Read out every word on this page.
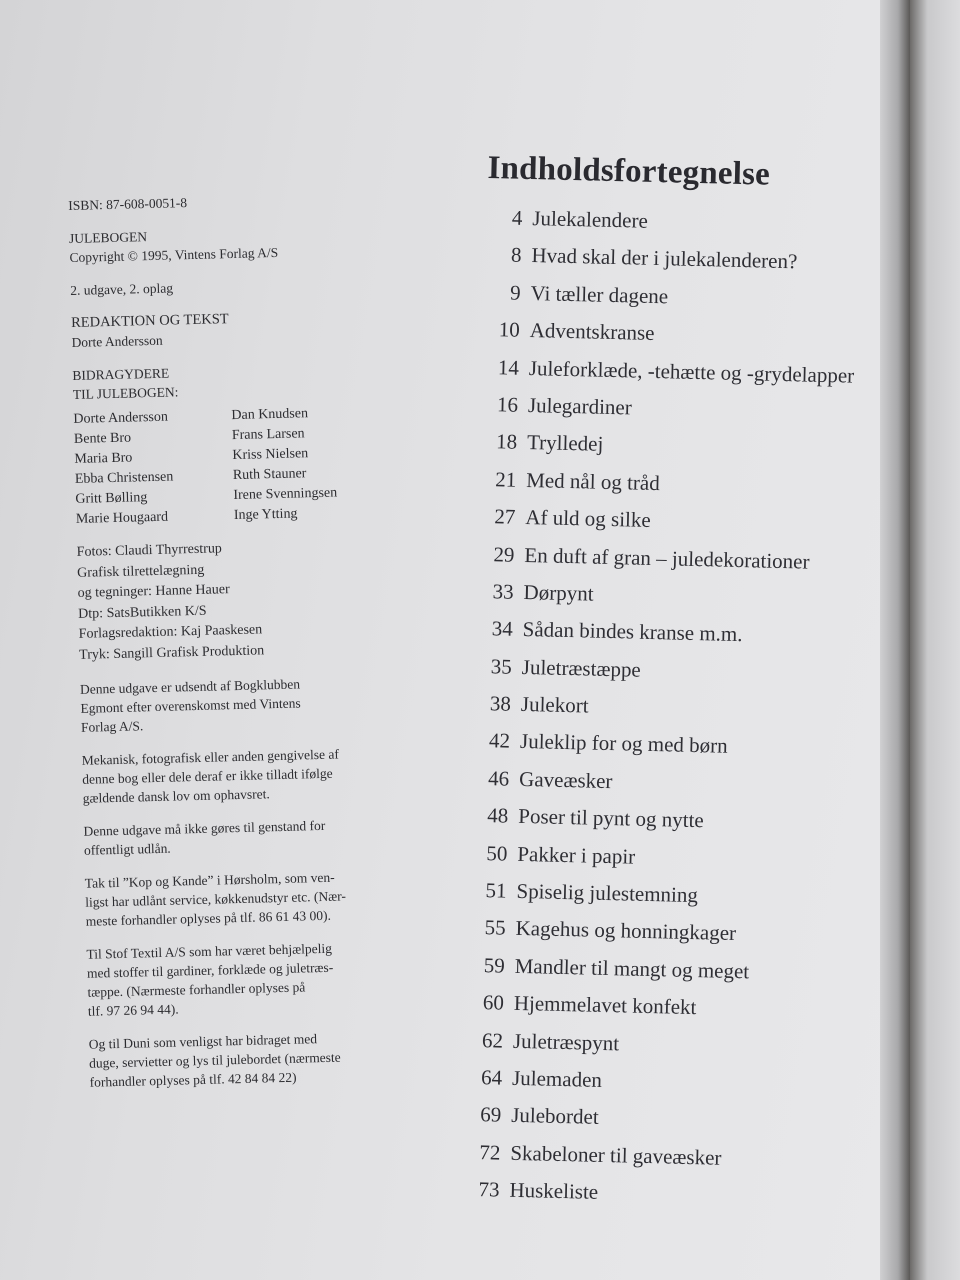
ISBN: 87-608-0051-8

JULEBOGEN

Copyright © 1995, Vintens Forlag A/S

2. udgave, 2. oplag

REDAKTION OG TEKST

Dorte Andersson

BIDRAGYDERE

TIL JULEBOGEN:

Dorte Andersson	Dan Knudsen
Bente Bro	Frans Larsen
Maria Bro	Kriss Nielsen
Ebba Christensen	Ruth Stauner
Gritt Bølling	Irene Svenningsen
Marie Hougaard	Inge Ytting

Fotos: Claudi Thyrrestrup

Grafisk tilrettelægning

og tegninger: Hanne Hauer

Dtp: SatsButikken K/S

Forlagsredaktion: Kaj Paaskesen

Tryk: Sangill Grafisk Produktion

Denne udgave er udsendt af Bogklubben

Egmont efter overenskomst med Vintens

Forlag A/S.

Mekanisk, fotografisk eller anden gengivelse af

denne bog eller dele deraf er ikke tilladt ifølge

gældende dansk lov om ophavsret.

Denne udgave må ikke gøres til genstand for

offentligt udlån.

Tak til ”Kop og Kande” i Hørsholm, som ven-

ligst har udlånt service, køkkenudstyr etc. (Nær-

meste forhandler oplyses på tlf. 86 61 43 00).

Til Stof Textil A/S som har været behjælpelig

med stoffer til gardiner, forklæde og juletræs-

tæppe. (Nærmeste forhandler oplyses på

tlf. 97 26 94 44).

Og til Duni som venligst har bidraget med

duge, servietter og lys til julebordet (nærmeste

forhandler oplyses på tlf. 42 84 84 22)

Indholdsfortegnelse
4 Julekalendere
8 Hvad skal der i julekalenderen?
9 Vi tæller dagene
10 Adventskranse
14 Juleforklæde, -tehætte og -grydelapper
16 Julegardiner
18 Trylledej
21 Med nål og tråd
27 Af uld og silke
29 En duft af gran – juledekorationer
33 Dørpynt
34 Sådan bindes kranse m.m.
35 Juletræstæppe
38 Julekort
42 Juleklip for og med børn
46 Gaveæsker
48 Poser til pynt og nytte
50 Pakker i papir
51 Spiselig julestemning
55 Kagehus og honningkager
59 Mandler til mangt og meget
60 Hjemmelavet konfekt
62 Juletræspynt
64 Julemaden
69 Julebordet
72 Skabeloner til gaveæsker
73 Huskeliste
